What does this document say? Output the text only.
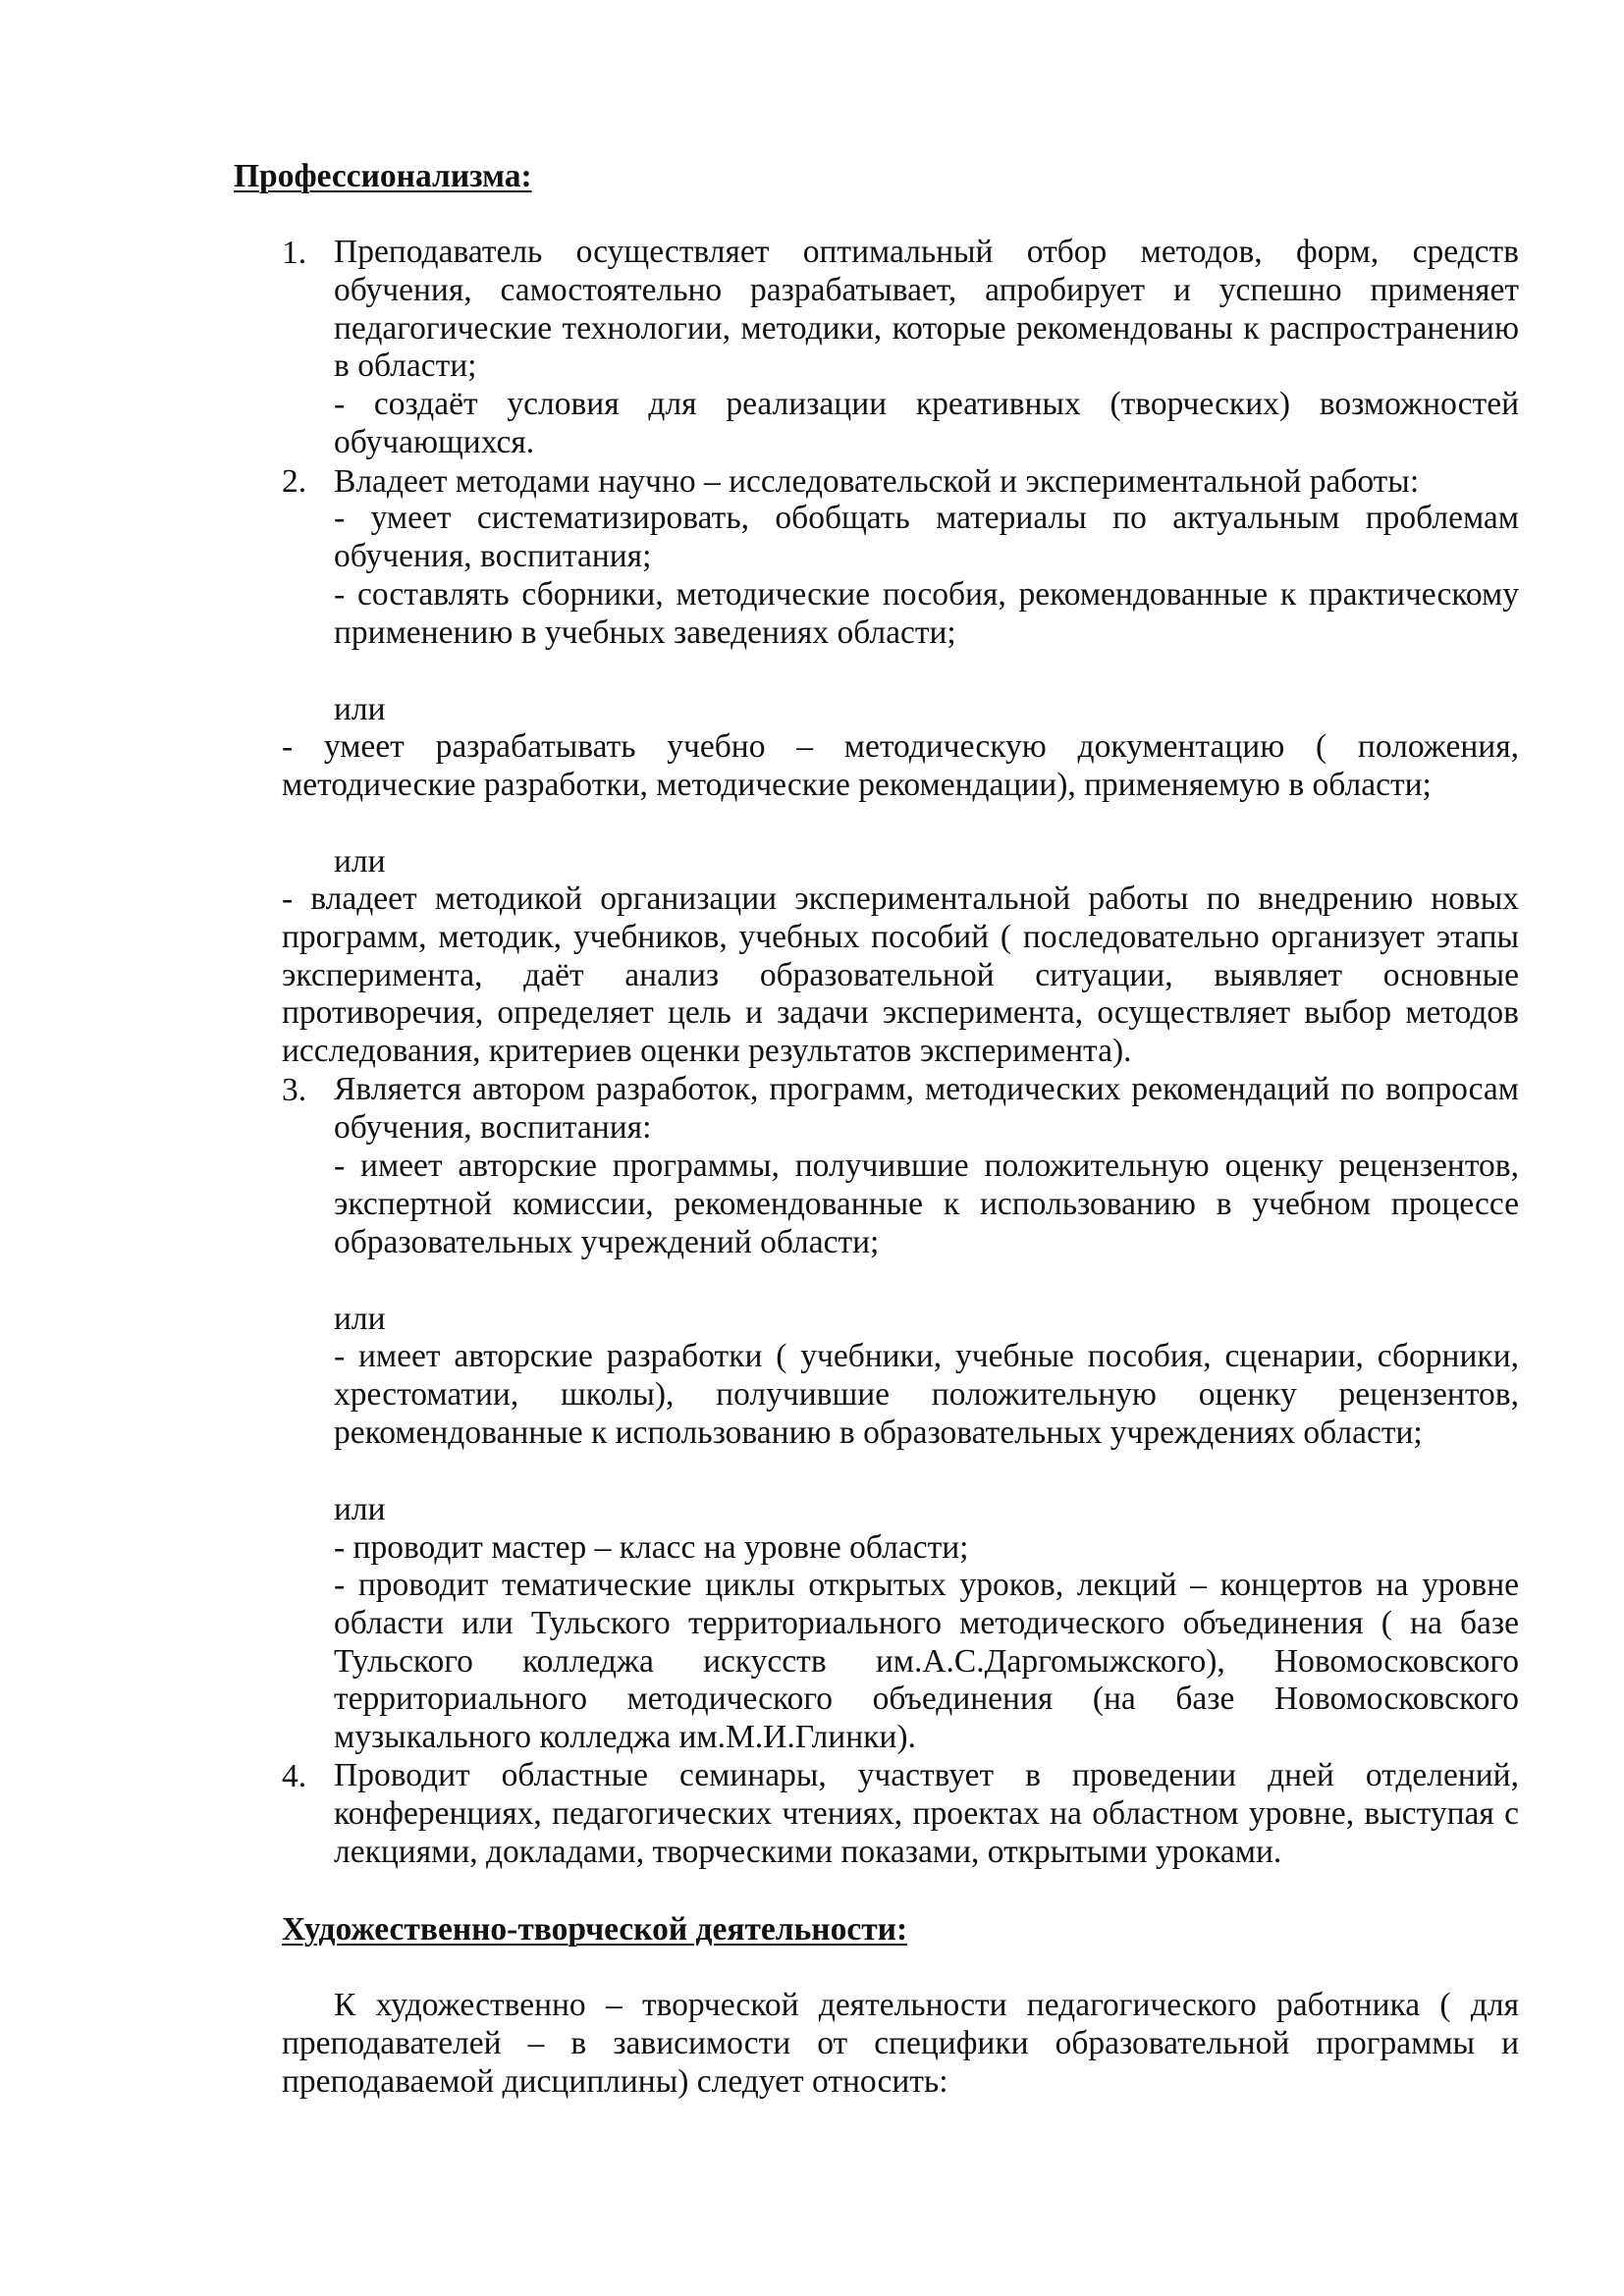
Профессионализма:
1. Преподаватель осуществляет оптимальный отбор методов, форм, средств
обучения, самостоятельно разрабатывает, апробирует и успешно применяет
педагогические технологии, методики, которые рекомендованы к распространению
в области;
- создаёт условия для реализации креативных (творческих) возможностей
обучающихся.
2. Владеет методами научно – исследовательской и экспериментальной работы:
- умеет систематизировать, обобщать материалы по актуальным проблемам
обучения, воспитания;
- составлять сборники, методические пособия, рекомендованные к практическому
применению в учебных заведениях области;
или
- умеет разрабатывать учебно – методическую документацию ( положения,
методические разработки, методические рекомендации), применяемую в области;
или
- владеет методикой организации экспериментальной работы по внедрению новых
программ, методик, учебников, учебных пособий ( последовательно организует этапы
эксперимента, даёт анализ образовательной ситуации, выявляет основные
противоречия, определяет цель и задачи эксперимента, осуществляет выбор методов
исследования, критериев оценки результатов эксперимента).
3. Является автором разработок, программ, методических рекомендаций по вопросам
обучения, воспитания:
- имеет авторские программы, получившие положительную оценку рецензентов,
экспертной комиссии, рекомендованные к использованию в учебном процессе
образовательных учреждений области;
или
- имеет авторские разработки ( учебники, учебные пособия, сценарии, сборники,
хрестоматии, школы), получившие положительную оценку рецензентов,
рекомендованные к использованию в образовательных учреждениях области;
или
- проводит мастер – класс на уровне области;
- проводит тематические циклы открытых уроков, лекций – концертов на уровне
области или Тульского территориального методического объединения ( на базе
Тульского колледжа искусств им.А.С.Даргомыжского), Новомосковского
территориального методического объединения (на базе Новомосковского
музыкального колледжа им.М.И.Глинки).
4. Проводит областные семинары, участвует в проведении дней отделений,
конференциях, педагогических чтениях, проектах на областном уровне, выступая с
лекциями, докладами, творческими показами, открытыми уроками.
Художественно-творческой деятельности:
К художественно – творческой деятельности педагогического работника ( для
преподавателей – в зависимости от специфики образовательной программы и
преподаваемой дисциплины) следует относить:
